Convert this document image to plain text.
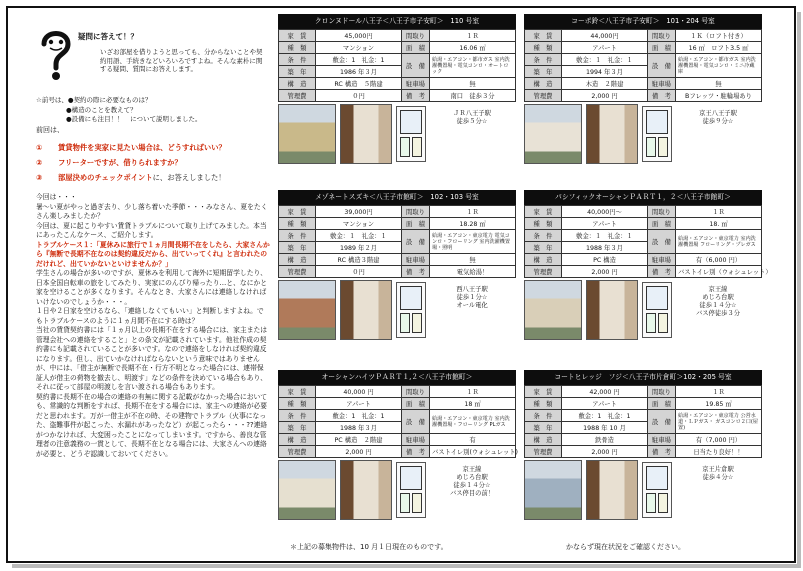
疑問に答えて！？
いざお部屋を借りようと思っても、分からないことや契約用語、手続きなどいろいろですよね。そんな素朴に関する疑問、質問にお答えします。
☆前号は、●契約の際に必要なものは？
●構造のことを教えて？
●設備にも注目！！　について説明しました。
前回は、
① 賃貸物件を実家に見たい場合は、どうすればいい？
② フリーターですが、借りられますか？
③ 部屋決めのチェックポイントに、お答えしました！

今回は・・・

暑〜い夏がやっと過ぎ去り、少し落ち着いた季節・・・みなさん、夏をたくさん楽しみましたか？

今回は、夏に起こりやすい賃貸トラブルについて取り上げてみました。本当にあったこんなケース、ご紹介します。

トラブルケース１：「夏休みに旅行で１ヵ月間長期不在をしたら、大家さんから『無断で長期不在なのは契約違反だから、出ていってくれ』と言われたのだけれど、出ていかないといけませんか？」

学生さんの場合が多いのですが、夏休みを利用して海外に短期留学したり、日本全国自転車の旅をしてみたり、実家にのんびり帰ったり…と、なにかと家を空けることが多くなります。そんなとき、大家さんには連絡しなければいけないのでしょうか・・・。

１日や２日家を空けるなら、「連絡しなくてもいい」と判断しますよね。でもトラブルケースのように１ヵ月間不在にする時は？

当社の賃貸契約書には「１ヵ月以上の長期不在をする場合には、家主または管理会社への連絡をすること」との条文が記載されています。他社作成の契約書にも記載されていることが多いです。なので連絡をしなければ契約違反になります。但し、出ていかなければならないという意味ではありませんが、中には、「借主が無断で長期不在・行方不明となった場合には、連帯保証人が借主の荷物を撤去し、明渡す」などの条件を決めている場合もあり、それに従って部屋の明渡しを言い渡される場合もあります。

契約書に長期不在の場合の連絡の有無に関する記載がなかった場合においても、常識的な判断をすれば、長期不在をする場合には、家主への連絡が必要だと思われます。万が一借主が不在の時、その建物でトラブル（火事になった、盗難事件が起こった、水漏れがあったなど）が起こったら・・・??連絡がつかなければ、大変困ったことになってしまいます。ですから、善良な管理者の注意義務の一貫として、長期不在となる場合には、大家さんへの連絡が必要と、どうぞ認識しておいてください。

クロンヌドール八王子＜八王子市子安町＞　110 号室
家　賃	45,000円	間取り	１Ｒ
種　類	マンション	面　積	16.06 ㎡
条　件	敷金：1　礼金：1	設　備	給湯・エアコン・都市ガス 室内洗濯機置場・電気コンロ・オートロック
築　年	1986 年３月		
構　造	RC 構造　５階建	駐車場	無
管理費	０円	備　考	南口　徒歩３分
ＪＲ八王子駅
徒歩５分☆
コーポ鈴＜八王子市子安町＞　101・204 号室
家　賃	44,000円	間取り	１Ｋ（ロフト付き）
種　類	アパート	面　積	16 ㎡　ロフト3.5 ㎡
条　件	敷金：１　礼金：１	設　備	給湯・エアコン・都市ガス 室内洗濯機置場・電気コンロ・ミニ冷蔵庫
築　年	1994 年３月		
構　造	木造　２階建	駐車場	無
管理費	2,000 円	備　考	Bフレッツ・駐輪場あり
京王八王子駅
徒歩９分☆
メゾネートスズキ＜八王子市館町＞　102・103 号室
家　賃	39,000円	間取り	１Ｒ
種　類	マンション	面　積	18.28 ㎡
条　件	敷金：１　礼金：１	設　備	給湯・エアコン・東京電力 電気コンロ・フローリング 室内洗濯機置場・照明
築　年	1989 年２月		
構　造	RC 構造３階建	駐車場	無
管理費	０円	備　考	電気給湯！
西八王子駅
徒歩１分☆
オール電化
パシフィックオーシャンＰＡＲＴ１，２＜八王子市館町＞
家　賃	40,000円〜	間取り	１Ｒ
種　類	アパート	面　積	18. ㎡
条　件	敷金：１　礼金：１	設　備	給湯・エアコン・東京電力 室内洗濯機置場 フローリング・プレガス
築　年	1988 年３月		
構　造	PC 構造	駐車場	有（6,000 円）
管理費	2,000 円	備　考	バストイレ別（ウォシュレット）
京王線
めじろ台駅
徒歩１４分☆
バス停徒歩３分
オーシャンハイツＰＡＲＴ１,２＜八王子市館町＞
家　賃	40,000 円	間取り	１Ｒ
種　類	アパート	面　積	18 ㎡
条　件	敷金：1　礼金：1	設　備	給湯・エアコン・東京電力 室内洗濯機置場・フローリング PLガス
築　年	1988 年３月		
構　造	PC 構造　２階建	駐車場	有
管理費	2,000 円	備　考	バストイレ別(ウォシュレット)
京王線
めじろ台駅
徒歩１４分☆
バス停目の前！
コートヒレッジ　フジ＜八王子市片倉町＞102・205 号室
家　賃	42,000 円	間取り	１Ｒ
種　類	アパート	面　積	19.85 ㎡
条　件	敷金：1　礼金：1	設　備	給湯・エアコン・東京電力 公営水道・ＬＰガス・ ガスコンロ２口(屋置)
築　年	1988 年 10 月		
構　造	鉄骨造	駐車場	有（7,000 円）
管理費	2,000 円	備　考	日当たり良好！！
京王片倉駅
徒歩４分☆
＊上記の募集物件は、10 月１日現在のものです。	かならず現在状況をご確認ください。
